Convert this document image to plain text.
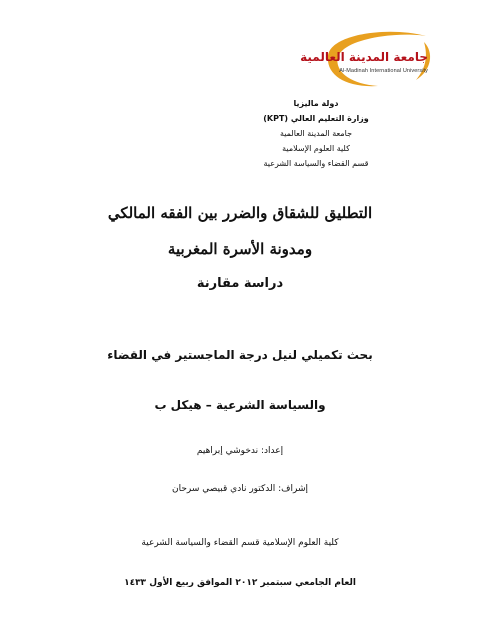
جامعة المدينة العالمية
Al-Madinah International University
دولة ماليزيا
وزارة التعليم العالي (KPT)
جامعة المدينة العالمية
كلية العلوم الإسلامية
قسم القضاء والسياسة الشرعية
التطليق للشقاق والضرر بين الفقه المالكي
ومدونة الأسرة المغربية
دراسة مقارنة
بحث تكميلي لنيل درجة الماجستير في القضاء
والسياسة الشرعية – هيكل ب
إعداد: ندخوشي إبراهيم
إشراف: الدكتور نادي قبيصي سرحان
كلية العلوم الإسلامية قسم القضاء والسياسة الشرعية
العام الجامعي سبتمبر ٢٠١٢ الموافق ربيع الأول ١٤٣٣
